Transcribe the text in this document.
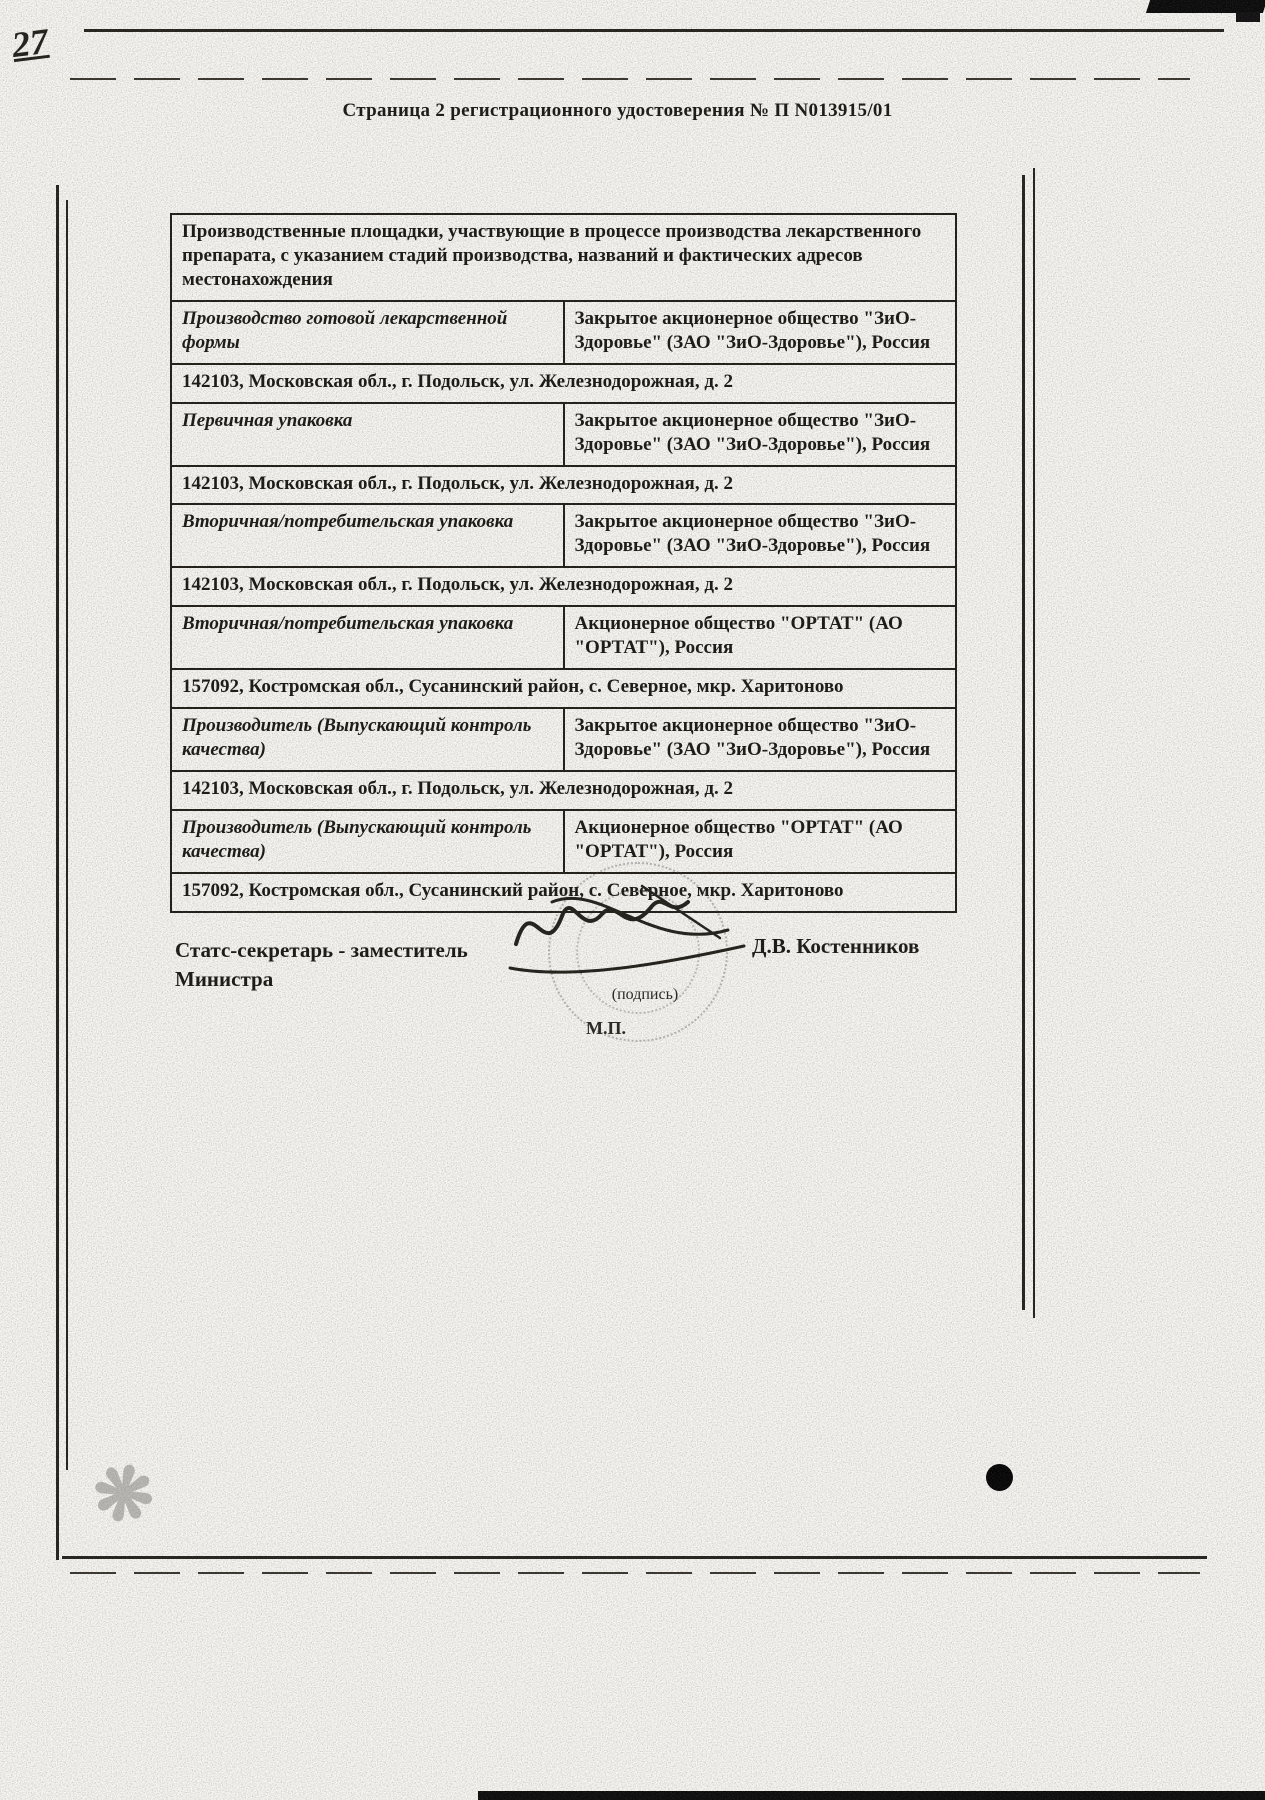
27
Страница 2 регистрационного удостоверения № П N013915/01
Производственные площадки, участвующие в процессе производства лекарственного препарата, с указанием стадий производства, названий и фактических адресов местонахождения	
Производство готовой лекарственной формы	Закрытое акционерное общество "ЗиО-Здоровье" (ЗАО "ЗиО-Здоровье"), Россия
142103, Московская обл., г. Подольск, ул. Железнодорожная, д. 2	
Первичная упаковка	Закрытое акционерное общество "ЗиО-Здоровье" (ЗАО "ЗиО-Здоровье"), Россия
142103, Московская обл., г. Подольск, ул. Железнодорожная, д. 2	
Вторичная/потребительская упаковка	Закрытое акционерное общество "ЗиО-Здоровье" (ЗАО "ЗиО-Здоровье"), Россия
142103, Московская обл., г. Подольск, ул. Железнодорожная, д. 2	
Вторичная/потребительская упаковка	Акционерное общество "ОРТАТ" (АО "ОРТАТ"), Россия
157092, Костромская обл., Сусанинский район, с. Северное, мкр. Харитоново	
Производитель (Выпускающий контроль качества)	Закрытое акционерное общество "ЗиО-Здоровье" (ЗАО "ЗиО-Здоровье"), Россия
142103, Московская обл., г. Подольск, ул. Железнодорожная, д. 2	
Производитель (Выпускающий контроль качества)	Акционерное общество "ОРТАТ" (АО "ОРТАТ"), Россия
157092, Костромская обл., Сусанинский район, с. Северное, мкр. Харитоново	
Статс-секретарь - заместитель
Министра
(подпись)
М.П.
Д.В. Костенников
❋
